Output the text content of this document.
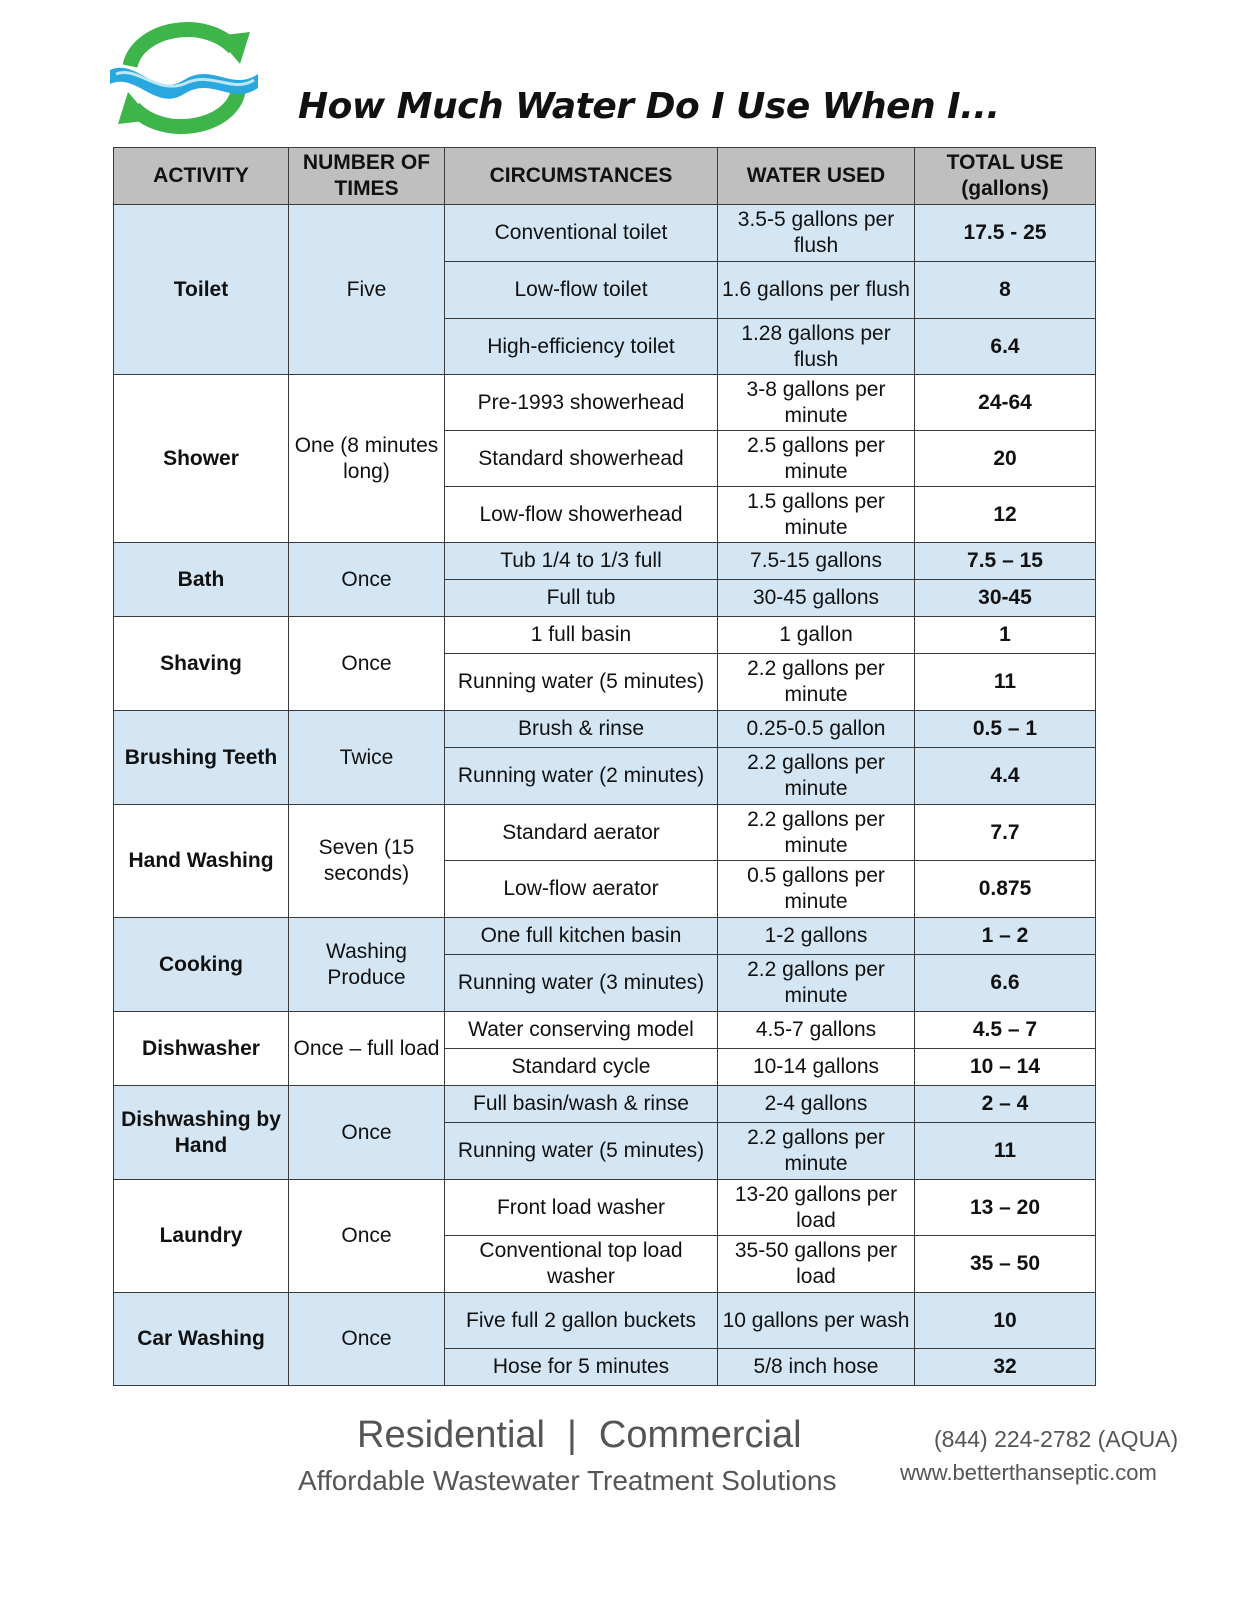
How Much Water Do I Use When I...
ACTIVITY	NUMBER OF TIMES	CIRCUMSTANCES	WATER USED	TOTAL USE (gallons)
Toilet	Five	Conventional toilet	3.5-5 gallons per flush	17.5 - 25
		Low-flow toilet	1.6 gallons per flush	8
		High-efficiency toilet	1.28 gallons per flush	6.4
Shower	One (8 minutes long)	Pre-1993 showerhead	3-8 gallons per minute	24-64
		Standard showerhead	2.5 gallons per minute	20
		Low-flow showerhead	1.5 gallons per minute	12
Bath	Once	Tub 1/4 to 1/3 full	7.5-15 gallons	7.5 – 15
		Full tub	30-45 gallons	30-45
Shaving	Once	1 full basin	1 gallon	1
		Running water (5 minutes)	2.2 gallons per minute	11
Brushing Teeth	Twice	Brush & rinse	0.25-0.5 gallon	0.5 – 1
		Running water (2 minutes)	2.2 gallons per minute	4.4
Hand Washing	Seven (15 seconds)	Standard aerator	2.2 gallons per minute	7.7
		Low-flow aerator	0.5 gallons per minute	0.875
Cooking	Washing Produce	One full kitchen basin	1-2 gallons	1 – 2
		Running water (3 minutes)	2.2 gallons per minute	6.6
Dishwasher	Once – full load	Water conserving model	4.5-7 gallons	4.5 – 7
		Standard cycle	10-14 gallons	10 – 14
Dishwashing by Hand	Once	Full basin/wash & rinse	2-4 gallons	2 – 4
		Running water (5 minutes)	2.2 gallons per minute	11
Laundry	Once	Front load washer	13-20 gallons per load	13 – 20
		Conventional top load washer	35-50 gallons per load	35 – 50
Car Washing	Once	Five full 2 gallon buckets	10 gallons per wash	10
		Hose for 5 minutes	5/8 inch hose	32
Residential | Commercial
Affordable Wastewater Treatment Solutions
(844) 224-2782 (AQUA)
www.betterthanseptic.com
